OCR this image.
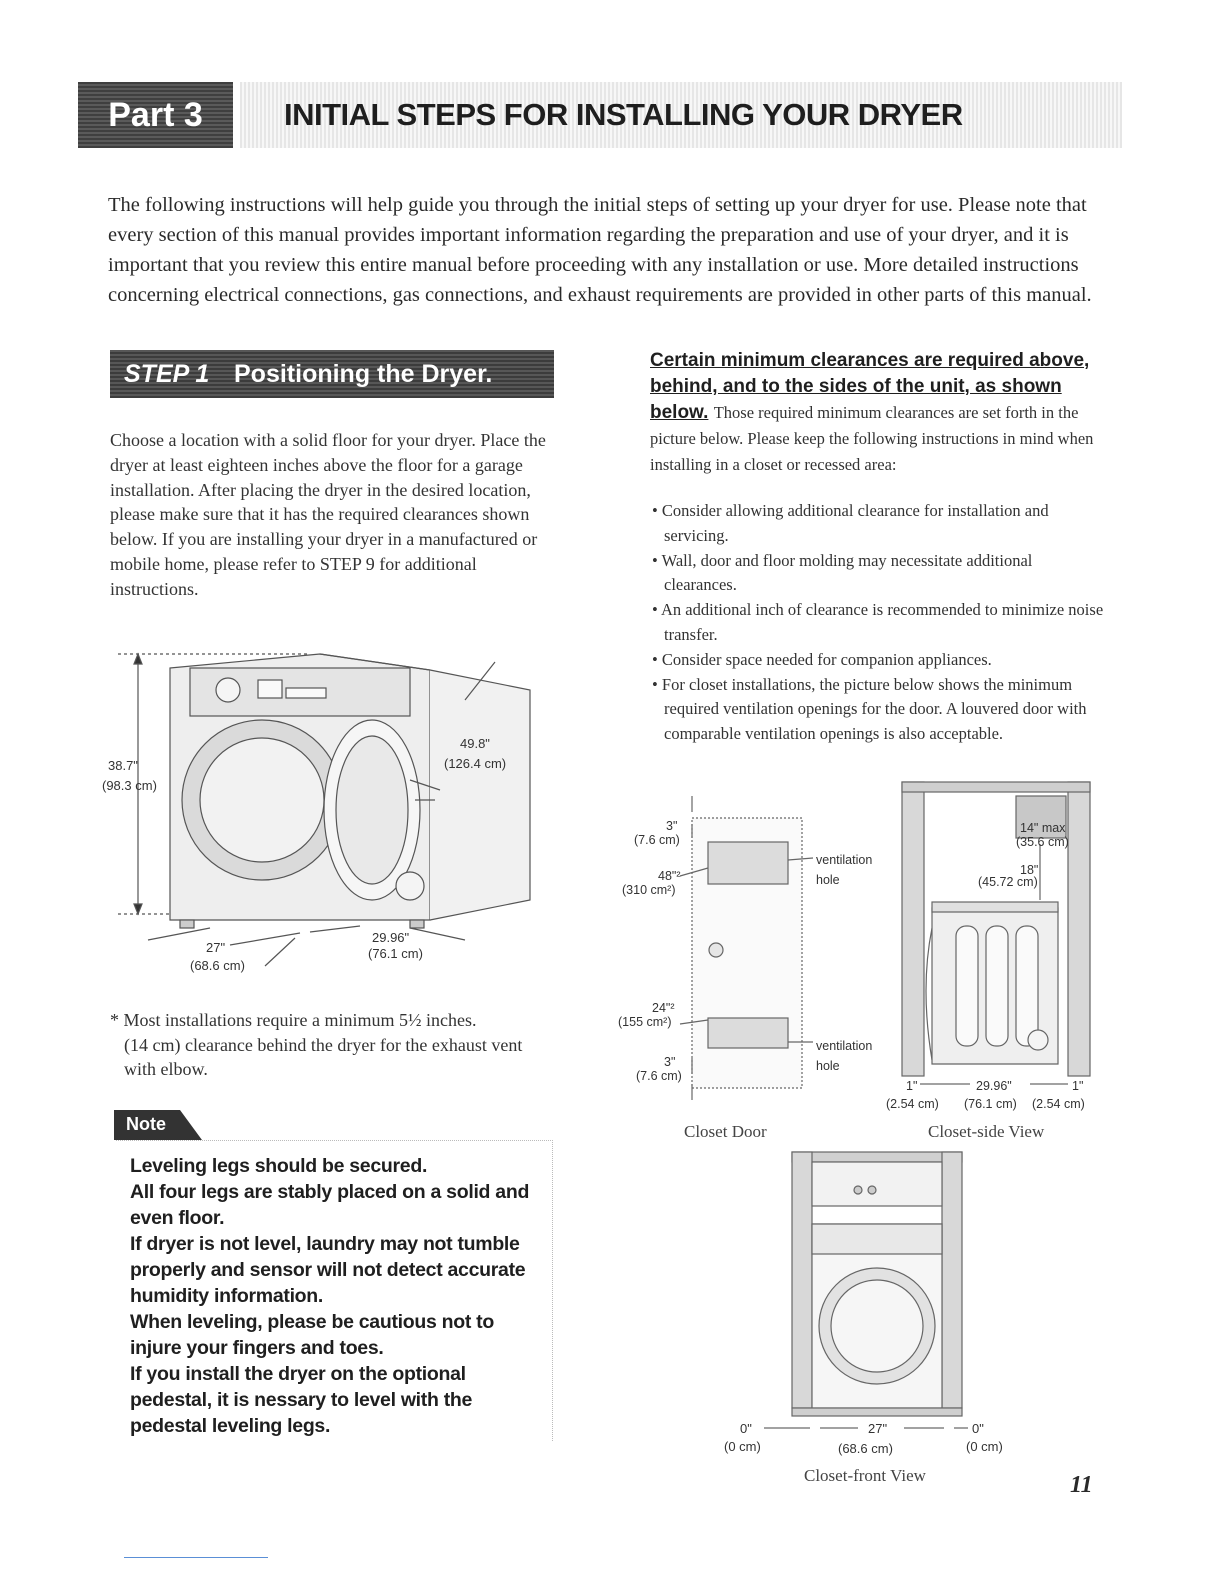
Part 3	INITIAL STEPS FOR INSTALLING YOUR DRYER
The following instructions will help guide you through the initial steps of setting up your dryer for use. Please note that every section of this manual provides important information regarding the preparation and use of your dryer, and it is important that you review this entire manual before proceeding with any installation or use. More detailed instructions concerning electrical connections, gas connections, and exhaust requirements are provided in other parts of this manual.
STEP 1 Positioning the Dryer.
Choose a location with a solid floor for your dryer. Place the dryer at least eighteen inches above the floor for a garage installation. After placing the dryer in the desired location, please make sure that it has the required clearances shown below. If you are installing your dryer in a manufactured or mobile home, please refer to STEP 9 for additional instructions.
38.7"
(98.3 cm)
49.8"
(126.4 cm)
27"
(68.6 cm)
29.96"
(76.1 cm)
* Most installations require a minimum 5½ inches.
(14 cm) clearance behind the dryer for the exhaust vent with elbow.
Note
Leveling legs should be secured.
All four legs are stably placed on a solid and even floor.
If dryer is not level, laundry may not tumble properly and sensor will not detect accurate humidity information.
When leveling, please be cautious not to injure your fingers and toes.
If you install the dryer on the optional pedestal, it is nessary to level with the pedestal leveling legs.
Certain minimum clearances are required above, behind, and to the sides of the unit, as shown below. Those required minimum clearances are set forth in the picture below. Please keep the following instructions in mind when installing in a closet or recessed area:
• Consider allowing additional clearance for installation and servicing.
• Wall, door and floor molding may necessitate additional clearances.
• An additional inch of clearance is recommended to minimize noise transfer.
• Consider space needed for companion appliances.
• For closet installations, the picture below shows the minimum required ventilation openings for the door. A louvered door with comparable ventilation openings is also acceptable.
3"
(7.6 cm)
48"²
(310 cm²)
ventilation
hole
24"²
(155 cm²)
ventilation
hole
3"
(7.6 cm)
Closet Door
14" max
(35.6 cm)
18"
(45.72 cm)
1"	29.96"	1"
(2.54 cm) (76.1 cm) (2.54 cm)
Closet-side View
0"
(0 cm)
27"
(68.6 cm)
0"
(0 cm)
Closet-front View	11
